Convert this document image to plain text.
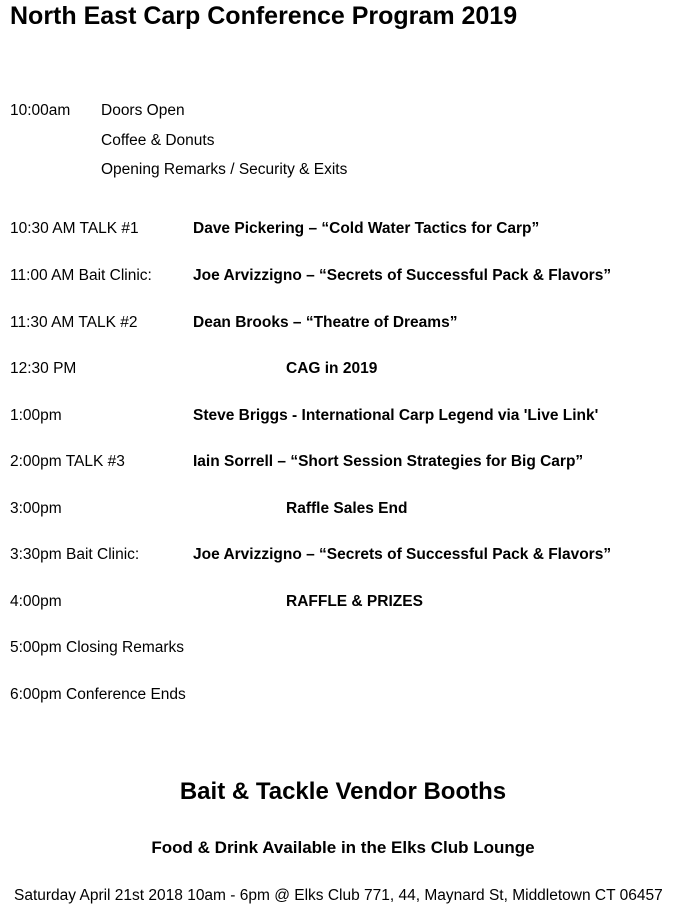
North East Carp Conference Program 2019
10:00am Doors Open
Coffee & Donuts
Opening Remarks / Security & Exits
10:30 AM TALK #1	Dave Pickering – “Cold Water Tactics for Carp”
11:00 AM Bait Clinic:	Joe Arvizzigno – “Secrets of Successful Pack & Flavors”
11:30 AM TALK #2	Dean Brooks – “Theatre of Dreams”
12:30 PM	CAG in 2019
1:00pm	Steve Briggs - International Carp Legend via 'Live Link'
2:00pm TALK #3	Iain Sorrell – “Short Session Strategies for Big Carp”
3:00pm	Raffle Sales End
3:30pm Bait Clinic:	Joe Arvizzigno – “Secrets of Successful Pack & Flavors”
4:00pm	RAFFLE & PRIZES
5:00pm Closing Remarks
6:00pm Conference Ends
Bait & Tackle Vendor Booths
Food & Drink Available in the Elks Club Lounge
Saturday April 21st 2018 10am - 6pm @ Elks Club 771, 44, Maynard St, Middletown CT 06457
